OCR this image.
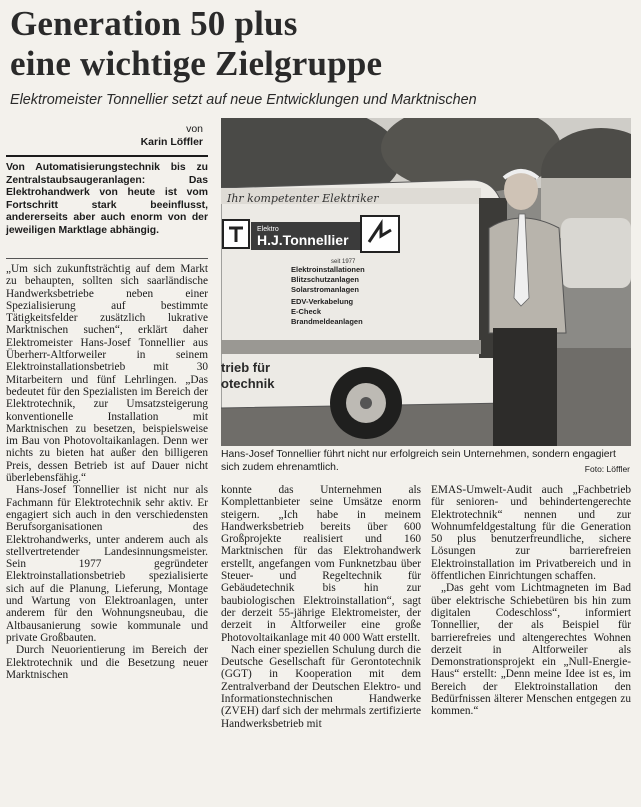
Generation 50 plus
eine wichtige Zielgruppe

Elektromeister Tonnellier setzt auf neue Entwicklungen und Marktnischen

von
Karin Löffler

Von Automatisierungstechnik bis zu Zentralstaubsaugeranlagen: Das Elektrohandwerk von heute ist vom Fortschritt stark beeinflusst, andererseits aber auch enorm von der jeweiligen Marktlage abhängig.

„Um sich zukunftsträchtig auf dem Markt zu behaupten, sollten sich saarländische Handwerksbetriebe neben einer Spezialisierung auf bestimmte Tätigkeitsfelder zusätzlich lukrative Marktnischen suchen“, erklärt daher Elektromeister Hans-Josef Tonnellier aus Überherr-Altforweiler in seinem Elektroinstallationsbetrieb mit 30 Mitarbeitern und fünf Lehrlingen. „Das bedeutet für den Spezialisten im Bereich der Elektrotechnik, zur Umsatzsteigerung konventionelle Installation mit Marktnischen zu besetzen, beispielsweise im Bau von Photovoltaikanlagen. Denn wer nichts zu bieten hat außer den billigeren Preis, dessen Betrieb ist auf Dauer nicht überlebensfähig.“

Hans-Josef Tonnellier ist nicht nur als Fachmann für Elektrotechnik sehr aktiv. Er engagiert sich auch in den verschiedensten Berufsorganisationen des Elektrohandwerks, unter anderem auch als stellvertretender Landesinnungsmeister. Sein 1977 gegründeter Elektroinstallationsbetrieb spezialisierte sich auf die Planung, Lieferung, Montage und Wartung von Elektroanlagen, unter anderem für den Wohnungsneubau, die Altbausanierung sowie kommunale und private Großbauten.

Durch Neuorientierung im Bereich der Elektrotechnik und die Besetzung neuer Marktnischen

Ihr kompetenter Elektriker
Elektro
H.J.Tonnellier
seit 1977
Elektroinstallationen
Blitzschutzanlagen
Solarstromanlagen
EDV-Verkabelung
E-Check
Brandmeldeanlagen
trieb für
otechnik

Hans-Josef Tonnellier führt nicht nur erfolgreich sein Unternehmen, sondern engagiert sich zudem ehrenamtlich.	Foto: Löffler

konnte das Unternehmen als Komplettanbieter seine Umsätze enorm steigern. „Ich habe in meinem Handwerksbetrieb bereits über 600 Großprojekte realisiert und 160 Marktnischen für das Elektrohandwerk erstellt, angefangen vom Funknetzbau über Steuer- und Regeltechnik für Gebäudetechnik bis hin zur baubiologischen Elektroinstallation“, sagt der derzeit 55-jährige Elektromeister, der derzeit in Altforweiler eine große Photovoltaikanlage mit 40 000 Watt erstellt.

Nach einer speziellen Schulung durch die Deutsche Gesellschaft für Gerontotechnik (GGT) in Kooperation mit dem Zentralverband der Deutschen Elektro- und Informationstechnischen Handwerke (ZVEH) darf sich der mehrmals zertifizierte Handwerksbetrieb mit

EMAS-Umwelt-Audit auch „Fachbetrieb für senioren- und behindertengerechte Elektrotechnik“ nennen und zur Wohnumfeldgestaltung für die Generation 50 plus benutzerfreundliche, sichere Lösungen zur barrierefreien Elektroinstallation im Privatbereich und in öffentlichen Einrichtungen schaffen.

„Das geht vom Lichtmagneten im Bad über elektrische Schiebetüren bis hin zum digitalen Codeschloss“, informiert Tonnellier, der als Beispiel für barrierefreies und altengerechtes Wohnen derzeit in Altforweiler als Demonstrationsprojekt ein „Null-Energie-Haus“ erstellt: „Denn meine Idee ist es, im Bereich der Elektroinstallation den Bedürfnissen älterer Menschen entgegen zu kommen.“
